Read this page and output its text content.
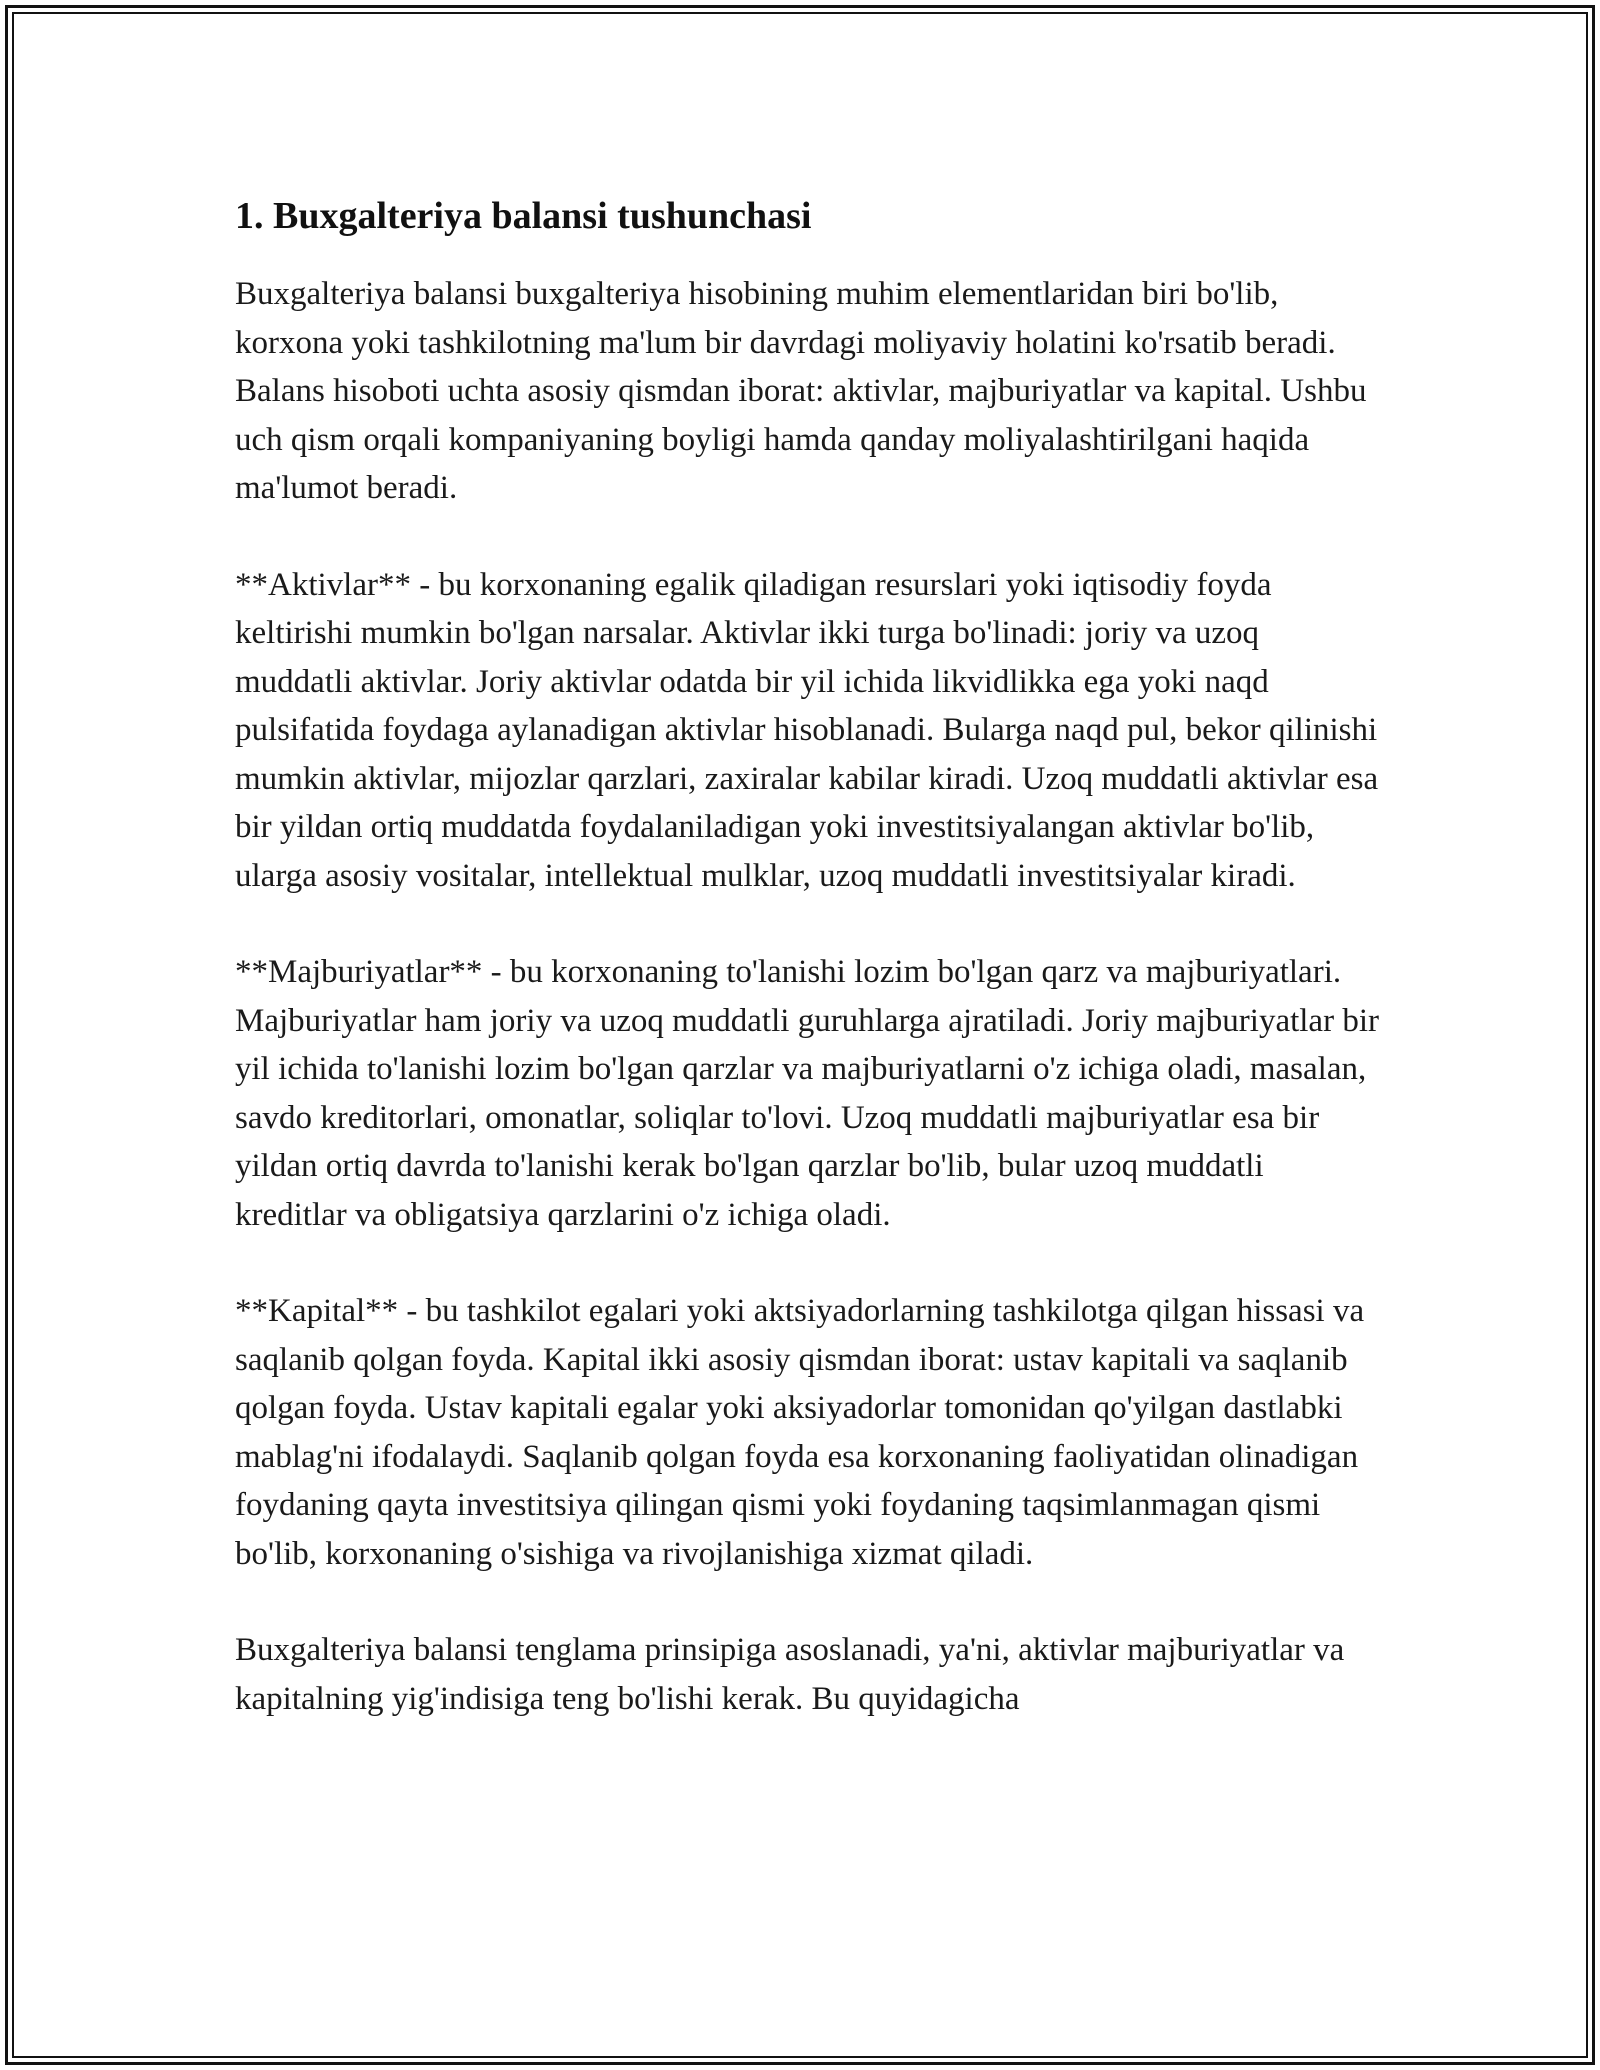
1. Buxgalteriya balansi tushunchasi

Buxgalteriya balansi buxgalteriya hisobining muhim elementlaridan biri bo'lib, korxona yoki tashkilotning ma'lum bir davrdagi moliyaviy holatini ko'rsatib beradi. Balans hisoboti uchta asosiy qismdan iborat: aktivlar, majburiyatlar va kapital. Ushbu uch qism orqali kompaniyaning boyligi hamda qanday moliyalashtirilgani haqida ma'lumot beradi.

**Aktivlar** - bu korxonaning egalik qiladigan resurslari yoki iqtisodiy foyda keltirishi mumkin bo'lgan narsalar. Aktivlar ikki turga bo'linadi: joriy va uzoq muddatli aktivlar. Joriy aktivlar odatda bir yil ichida likvidlikka ega yoki naqd pulsifatida foydaga aylanadigan aktivlar hisoblanadi. Bularga naqd pul, bekor qilinishi mumkin aktivlar, mijozlar qarzlari, zaxiralar kabilar kiradi. Uzoq muddatli aktivlar esa bir yildan ortiq muddatda foydalaniladigan yoki investitsiyalangan aktivlar bo'lib, ularga asosiy vositalar, intellektual mulklar, uzoq muddatli investitsiyalar kiradi.

**Majburiyatlar** - bu korxonaning to'lanishi lozim bo'lgan qarz va majburiyatlari. Majburiyatlar ham joriy va uzoq muddatli guruhlarga ajratiladi. Joriy majburiyatlar bir yil ichida to'lanishi lozim bo'lgan qarzlar va majburiyatlarni o'z ichiga oladi, masalan, savdo kreditorlari, omonatlar, soliqlar to'lovi. Uzoq muddatli majburiyatlar esa bir yildan ortiq davrda to'lanishi kerak bo'lgan qarzlar bo'lib, bular uzoq muddatli kreditlar va obligatsiya qarzlarini o'z ichiga oladi.

**Kapital** - bu tashkilot egalari yoki aktsiyadorlarning tashkilotga qilgan hissasi va saqlanib qolgan foyda. Kapital ikki asosiy qismdan iborat: ustav kapitali va saqlanib qolgan foyda. Ustav kapitali egalar yoki aksiyadorlar tomonidan qo'yilgan dastlabki mablag'ni ifodalaydi. Saqlanib qolgan foyda esa korxonaning faoliyatidan olinadigan foydaning qayta investitsiya qilingan qismi yoki foydaning taqsimlanmagan qismi bo'lib, korxonaning o'sishiga va rivojlanishiga xizmat qiladi.

Buxgalteriya balansi tenglama prinsipiga asoslanadi, ya'ni, aktivlar majburiyatlar va kapitalning yig'indisiga teng bo'lishi kerak. Bu quyidagicha
